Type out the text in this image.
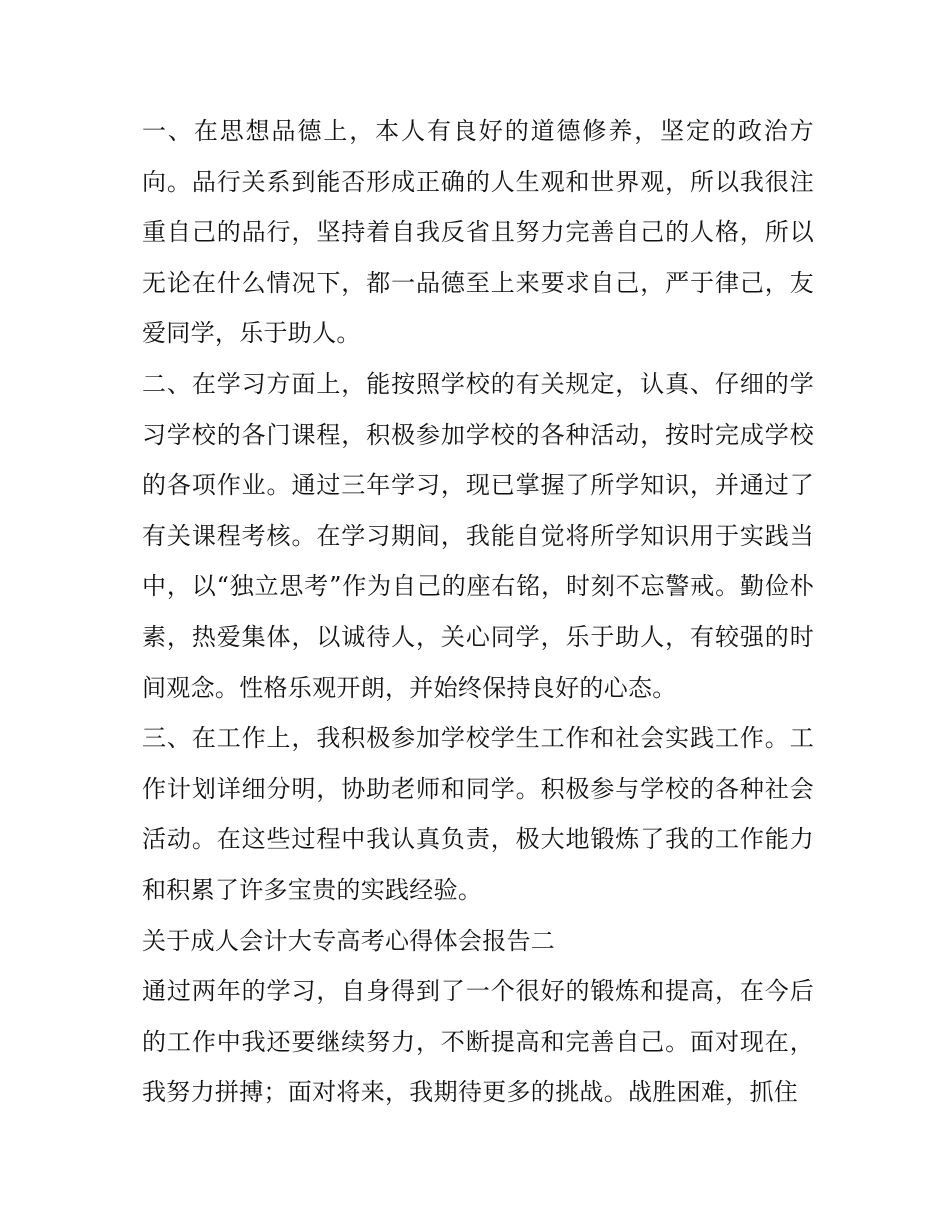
一、在思想品德上，本人有良好的道德修养，坚定的政治方向。品行关系到能否形成正确的人生观和世界观，所以我很注重自己的品行，坚持着自我反省且努力完善自己的人格，所以无论在什么情况下，都一品德至上来要求自己，严于律己，友爱同学，乐于助人。

二、在学习方面上，能按照学校的有关规定，认真、仔细的学习学校的各门课程，积极参加学校的各种活动，按时完成学校的各项作业。通过三年学习，现已掌握了所学知识，并通过了有关课程考核。在学习期间，我能自觉将所学知识用于实践当中，以“独立思考”作为自己的座右铭，时刻不忘警戒。勤俭朴素，热爱集体，以诚待人，关心同学，乐于助人，有较强的时间观念。性格乐观开朗，并始终保持良好的心态。

三、在工作上，我积极参加学校学生工作和社会实践工作。工作计划详细分明，协助老师和同学。积极参与学校的各种社会活动。在这些过程中我认真负责，极大地锻炼了我的工作能力和积累了许多宝贵的实践经验。

关于成人会计大专高考心得体会报告二

通过两年的学习，自身得到了一个很好的锻炼和提高，在今后的工作中我还要继续努力，不断提高和完善自己。面对现在，我努力拼搏；面对将来，我期待更多的挑战。战胜困难，抓住
